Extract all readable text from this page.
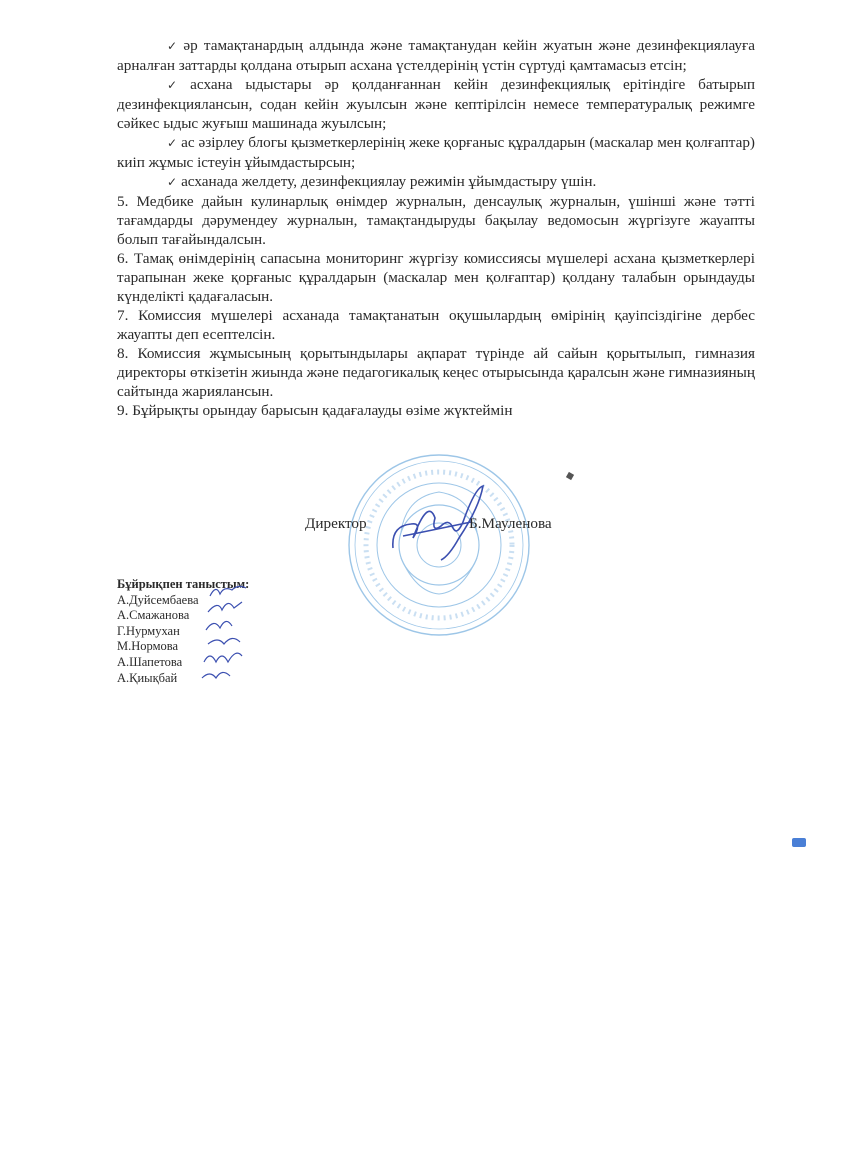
✓ әр тамақтанардың алдында және тамақтанудан кейін жуатын және дезинфекциялауға арналған заттарды қолдана отырып асхана үстелдерінің үстін сүртуді қамтамасыз етсін;

✓ асхана ыдыстары әр қолданғаннан кейін дезинфекциялық ерітіндіге батырып дезинфекциялансын, содан кейін жуылсын және кептірілсін немесе температуралық режимге сәйкес ыдыс жуғыш машинада жуылсын;

✓ ас әзірлеу блогы қызметкерлерінің жеке қорғаныс құралдарын (маскалар мен қолғаптар) киіп жұмыс істеуін ұйымдастырсын;

✓ асханада желдету, дезинфекциялау режимін ұйымдастыру үшін.

5. Медбике дайын кулинарлық өнімдер журналын, денсаулық журналын, үшінші және тәтті тағамдарды дәрумендеу журналын, тамақтандыруды бақылау ведомосын жүргізуге жауапты болып тағайындалсын.

6. Тамақ өнімдерінің сапасына мониторинг жүргізу комиссиясы мүшелері асхана қызметкерлері тарапынан жеке қорғаныс құралдарын (маскалар мен қолғаптар) қолдану талабын орындауды күнделікті қадағаласын.

7. Комиссия мүшелері асханада тамақтанатын оқушылардың өмірінің қауіпсіздігіне дербес жауапты деп есептелсін.

8. Комиссия жұмысының қорытындылары ақпарат түрінде ай сайын қорытылып, гимназия директоры өткізетін жиында және педагогикалық кеңес отырысында қаралсын және гимназияның сайтында жариялансын.

9. Бұйрықты орындау барысын қадағалауды өзіме жүктеймін

Директор	Б.Мауленова
Бұйрықпен таныстым:
А.Дуйсембаева
А.Смажанова
Г.Нурмухан
М.Нормова
А.Шапетова
А.Қиықбай
